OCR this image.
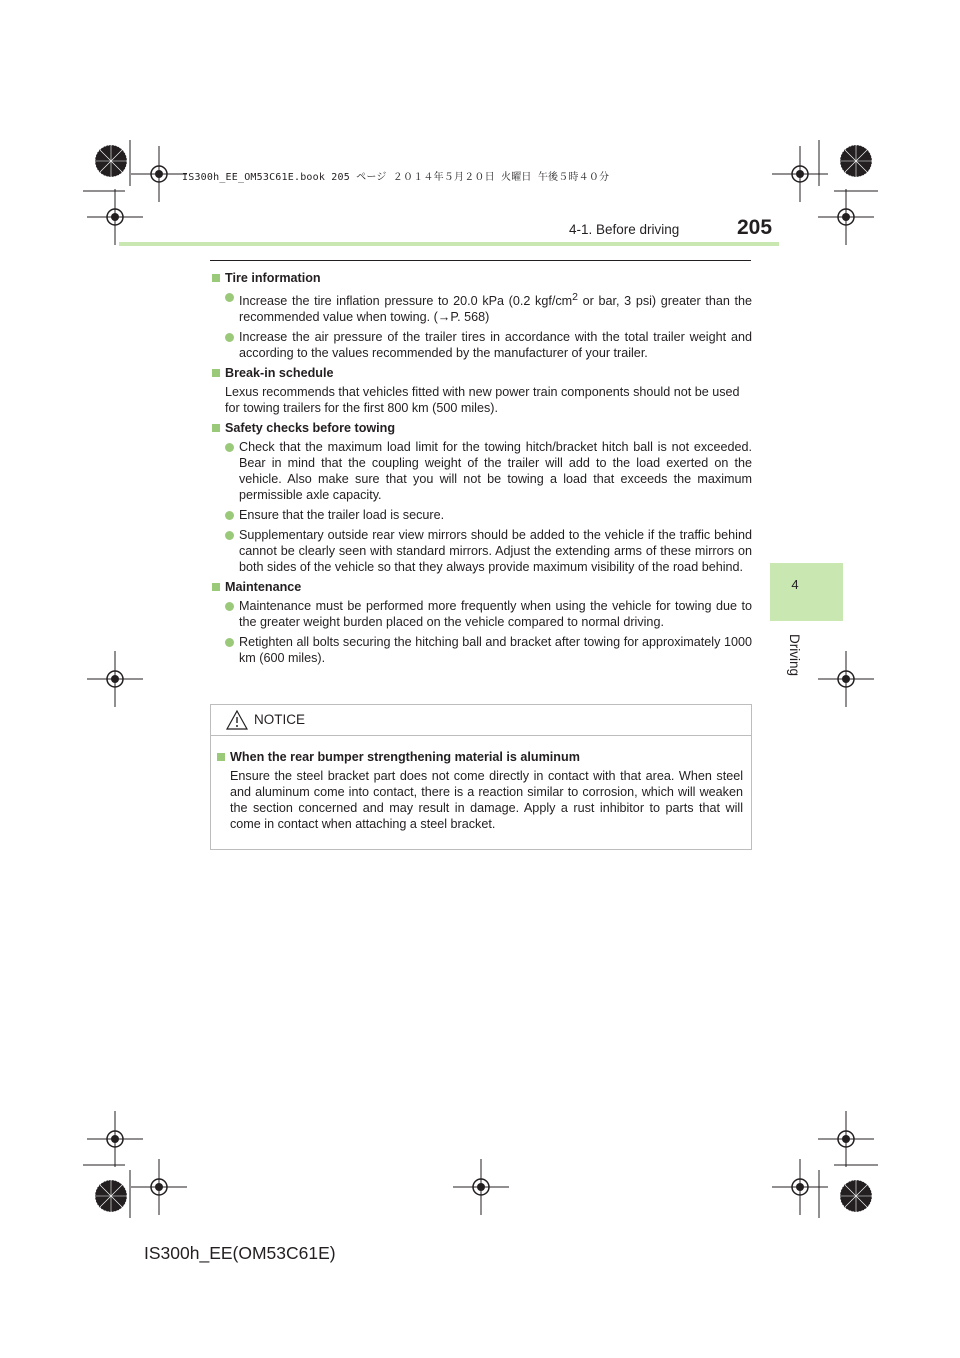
IS300h_EE_OM53C61E.book 205 ページ ２０１４年５月２０日 火曜日 午後５時４０分
4-1. Before driving	205
4
Driving
Tire information
Increase the tire inflation pressure to 20.0 kPa (0.2 kgf/$cm^2$ or bar, 3 psi) greater than the recommended value when towing. (→P. 568)
Increase the air pressure of the trailer tires in accordance with the total trailer weight and according to the values recommended by the manufacturer of your trailer.
Break-in schedule
Lexus recommends that vehicles fitted with new power train components should not be used for towing trailers for the first 800 km (500 miles).
Safety checks before towing
Check that the maximum load limit for the towing hitch/bracket hitch ball is not exceeded. Bear in mind that the coupling weight of the trailer will add to the load exerted on the vehicle. Also make sure that you will not be towing a load that exceeds the maximum permissible axle capacity.
Ensure that the trailer load is secure.
Supplementary outside rear view mirrors should be added to the vehicle if the traffic behind cannot be clearly seen with standard mirrors. Adjust the extending arms of these mirrors on both sides of the vehicle so that they always provide maximum visibility of the road behind.
Maintenance
Maintenance must be performed more frequently when using the vehicle for towing due to the greater weight burden placed on the vehicle compared to normal driving.
Retighten all bolts securing the hitching ball and bracket after towing for approximately 1000 km (600 miles).
NOTICE
When the rear bumper strengthening material is aluminum
Ensure the steel bracket part does not come directly in contact with that area. When steel and aluminum come into contact, there is a reaction similar to corrosion, which will weaken the section concerned and may result in damage. Apply a rust inhibitor to parts that will come in contact when attaching a steel bracket.
IS300h_EE(OM53C61E)
